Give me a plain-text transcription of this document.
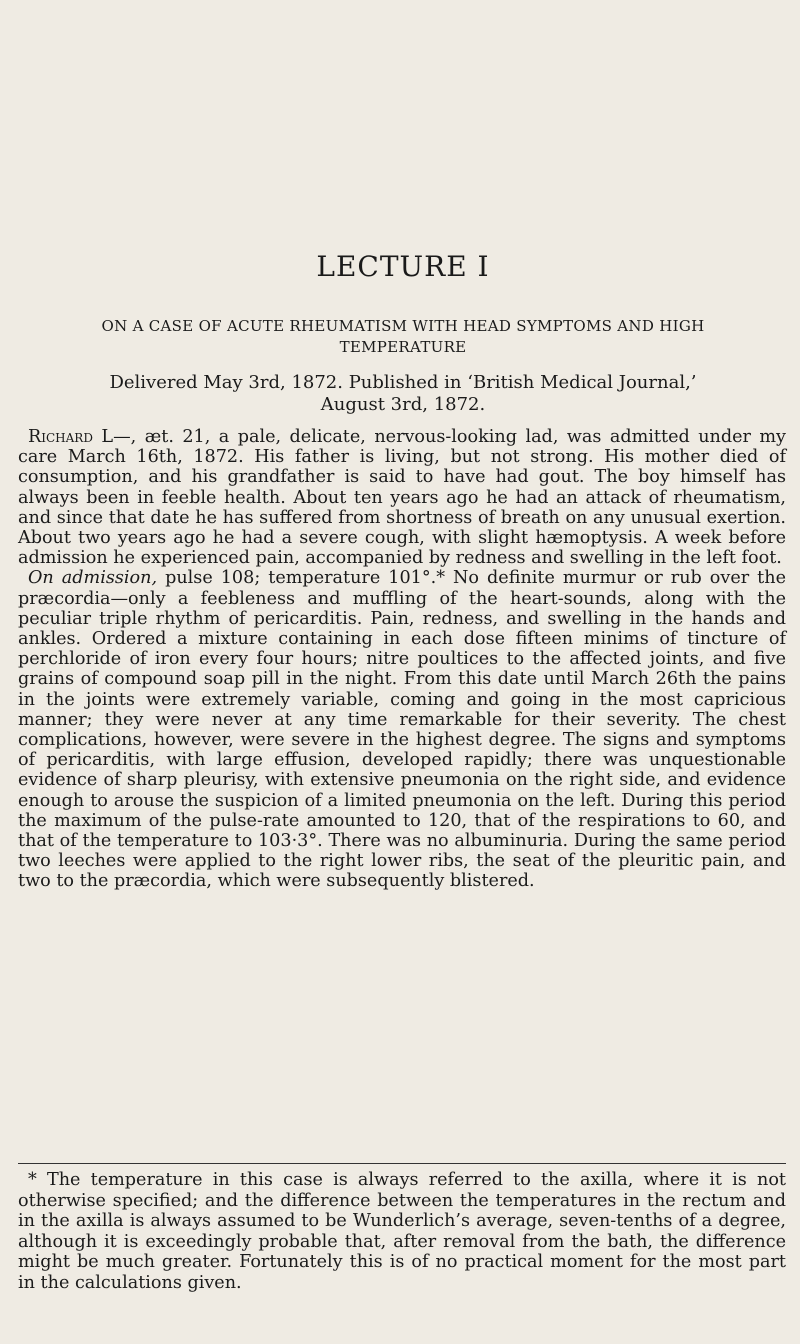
LECTURE I
ON A CASE OF ACUTE RHEUMATISM WITH HEAD SYMPTOMS AND HIGH
TEMPERATURE
Delivered May 3rd, 1872. Published in ‘British Medical Journal,’
August 3rd, 1872.

Richard L—, æt. 21, a pale, delicate, nervous-looking lad, was admitted under my care March 16th, 1872. His father is living, but not strong. His mother died of consumption, and his grandfather is said to have had gout. The boy himself has always been in feeble health. About ten years ago he had an attack of rheumatism, and since that date he has suffered from shortness of breath on any unusual exertion. About two years ago he had a severe cough, with slight hæmoptysis. A week before admission he experienced pain, accompanied by redness and swelling in the left foot.

On admission, pulse 108; temperature 101°.* No definite murmur or rub over the præcordia—only a feebleness and muffling of the heart-sounds, along with the peculiar triple rhythm of pericarditis. Pain, redness, and swelling in the hands and ankles. Ordered a mixture containing in each dose fifteen minims of tincture of perchloride of iron every four hours; nitre poultices to the affected joints, and five grains of compound soap pill in the night. From this date until March 26th the pains in the joints were extremely variable, coming and going in the most capricious manner; they were never at any time remarkable for their severity. The chest complications, however, were severe in the highest degree. The signs and symptoms of pericarditis, with large effusion, developed rapidly; there was unquestionable evidence of sharp pleurisy, with extensive pneumonia on the right side, and evidence enough to arouse the suspicion of a limited pneumonia on the left. During this period the maximum of the pulse-rate amounted to 120, that of the respirations to 60, and that of the temperature to 103·3°. There was no albuminuria. During the same period two leeches were applied to the right lower ribs, the seat of the pleuritic pain, and two to the præcordia, which were subsequently blistered.

* The temperature in this case is always referred to the axilla, where it is not otherwise specified; and the difference between the temperatures in the rectum and in the axilla is always assumed to be Wunderlich’s average, seven-tenths of a degree, although it is exceedingly probable that, after removal from the bath, the difference might be much greater. Fortunately this is of no practical moment for the most part in the calculations given.
